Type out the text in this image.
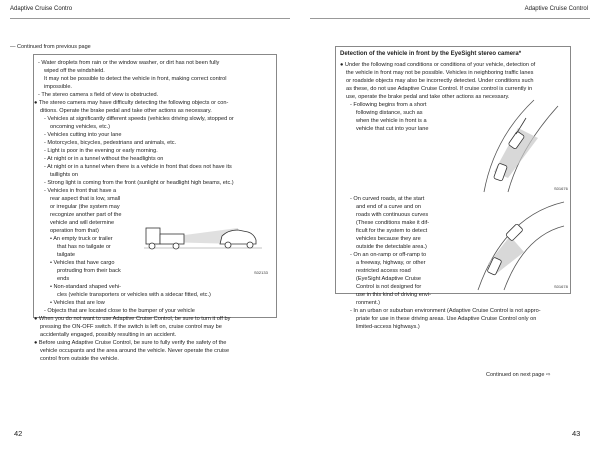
Adaptive Cruise Contro	Adaptive Cruise Control
— Continued from previous page
- Water droplets from rain or the window washer, or dirt has not been fully
wiped off the windshield.
It may not be possible to detect the vehicle in front, making correct control
impossible.
- The stereo camera s field of view is obstructed.
● The stereo camera may have difficulty detecting the following objects or con-
ditions. Operate the brake pedal and take other actions as necessary.
- Vehicles at significantly different speeds (vehicles driving slowly, stopped or
oncoming vehicles, etc.)
- Vehicles cutting into your lane
- Motorcycles, bicycles, pedestrians and animals, etc.
- Light is poor in the evening or early morning.
- At night or in a tunnel without the headlights on
- At night or in a tunnel when there is a vehicle in front that does not have its
taillights on
- Strong light is coming from the front (sunlight or headlight high beams, etc.)
- Vehicles in front that have a
rear aspect that is low, small
or irregular (the system may
recognize another part of the
vehicle and will determine
operation from that)
• An empty truck or trailer
that has no tailgate or
tailgate
• Vehicles that have cargo
protruding from their back
ends
• Non-standard shaped vehi-
cles (vehicle transporters or vehicles with a sidecar fitted, etc.)
• Vehicles that are low
- Objects that are located close to the bumper of your vehicle
● When you do not want to use Adaptive Cruise Control, be sure to turn it off by
pressing the ON-OFF switch. If the switch is left on, cruise control may be
accidentally engaged, possibly resulting in an accident.
● Before using Adaptive Cruise Control, be sure to fully verify the safety of the
vehicle occupants and the area around the vehicle. Never operate the cruise
control from outside the vehicle.
Detection of the vehicle in front by the EyeSight stereo camera*
● Under the following road conditions or conditions of your vehicle, detection of
the vehicle in front may not be possible. Vehicles in neighboring traffic lanes
or roadside objects may also be incorrectly detected. Under conditions such
as these, do not use Adaptive Cruise Control. If cruise control is currently in
use, operate the brake pedal and take other actions as necessary.
- Following begins from a short
following distance, such as
when the vehicle in front is a
vehicle that cut into your lane
- On curved roads, at the start
and end of a curve and on
roads with continuous curves
(These conditions make it dif-
ficult for the system to detect
vehicles because they are
outside the detectable area.)
- On an on-ramp or off-ramp to
a freeway, highway, or other
restricted access road
(EyeSight Adaptive Cruise
Control is not designed for
use in this kind of driving envi-
ronment.)
- In an urban or suburban environment (Adaptive Cruise Control is not appro-
priate for use in these driving areas. Use Adaptive Cruise Control only on
limited-access highways.)
S02133
S01676
S01678
Continued on next page ⇨
42	43
